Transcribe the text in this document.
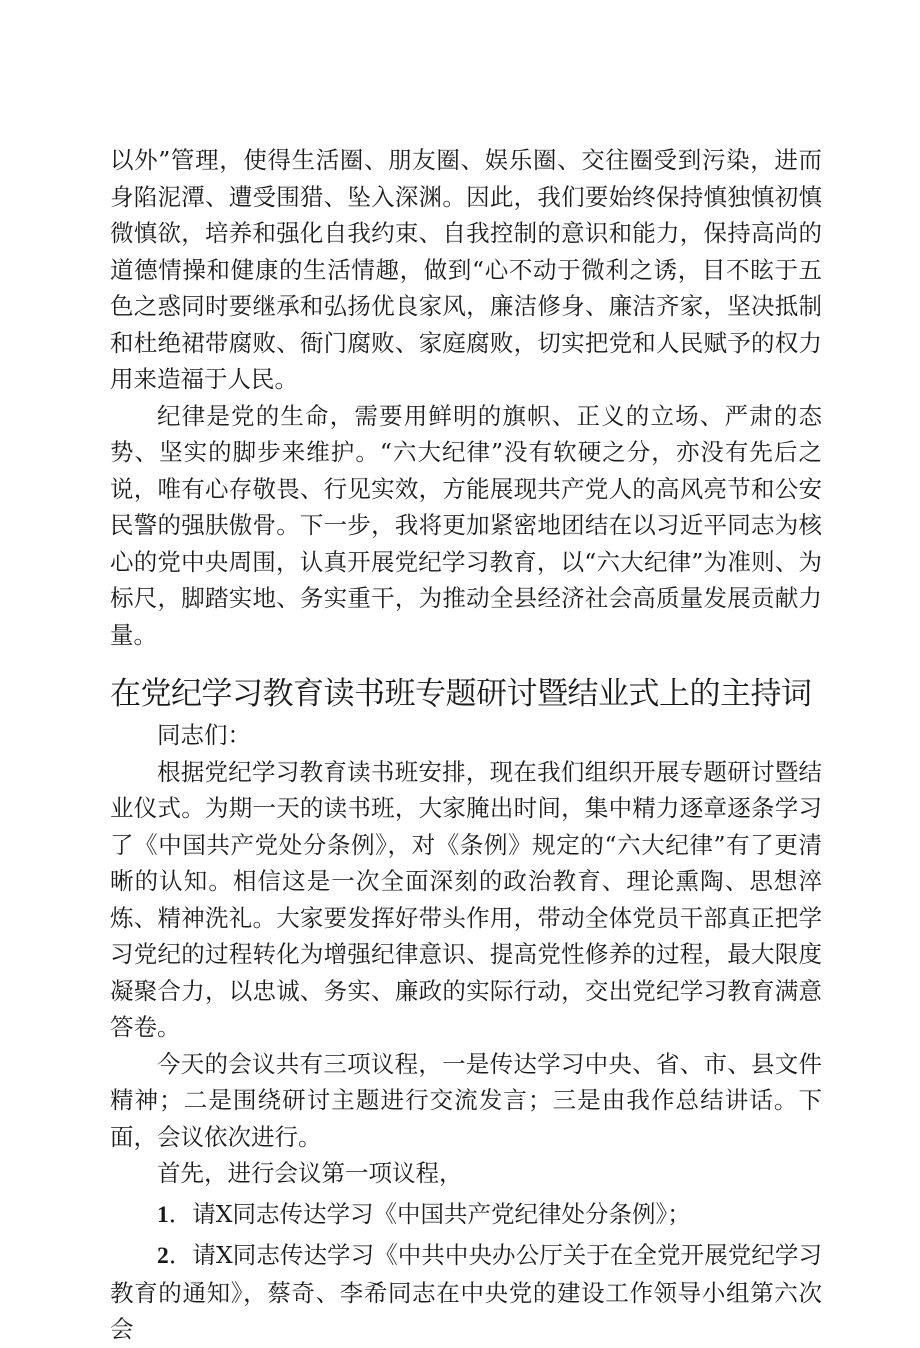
以外”管理，使得生活圈、朋友圈、娱乐圈、交往圈受到污染，进而身陷泥潭、遭受围猎、坠入深渊。因此，我们要始终保持慎独慎初慎微慎欲，培养和强化自我约束、自我控制的意识和能力，保持高尚的道德情操和健康的生活情趣，做到“心不动于微利之诱，目不眩于五色之惑同时要继承和弘扬优良家风，廉洁修身、廉洁齐家，坚决抵制和杜绝裙带腐败、衙门腐败、家庭腐败，切实把党和人民赋予的权力用来造福于人民。

纪律是党的生命，需要用鲜明的旗帜、正义的立场、严肃的态势、坚实的脚步来维护。“六大纪律”没有软硬之分，亦没有先后之说，唯有心存敬畏、行见实效，方能展现共产党人的高风亮节和公安民警的强肤傲骨。下一步，我将更加紧密地团结在以习近平同志为核心的党中央周围，认真开展党纪学习教育，以“六大纪律”为准则、为标尺，脚踏实地、务实重干，为推动全县经济社会高质量发展贡献力量。

在党纪学习教育读书班专题研讨暨结业式上的主持词

同志们：

根据党纪学习教育读书班安排，现在我们组织开展专题研讨暨结业仪式。为期一天的读书班，大家腌出时间，集中精力逐章逐条学习了《中国共产党处分条例》，对《条例》规定的“六大纪律”有了更清晰的认知。相信这是一次全面深刻的政治教育、理论熏陶、思想淬炼、精神洗礼。大家要发挥好带头作用，带动全体党员干部真正把学习党纪的过程转化为增强纪律意识、提高党性修养的过程，最大限度凝聚合力，以忠诚、务实、廉政的实际行动，交出党纪学习教育满意答卷。

今天的会议共有三项议程，一是传达学习中央、省、市、县文件精神；二是围绕研讨主题进行交流发言；三是由我作总结讲话。下面，会议依次进行。

首先，进行会议第一项议程，

1．请X同志传达学习《中国共产党纪律处分条例》；

2．请X同志传达学习《中共中央办公厅关于在全党开展党纪学习教育的通知》，蔡奇、李希同志在中央党的建设工作领导小组第六次会
